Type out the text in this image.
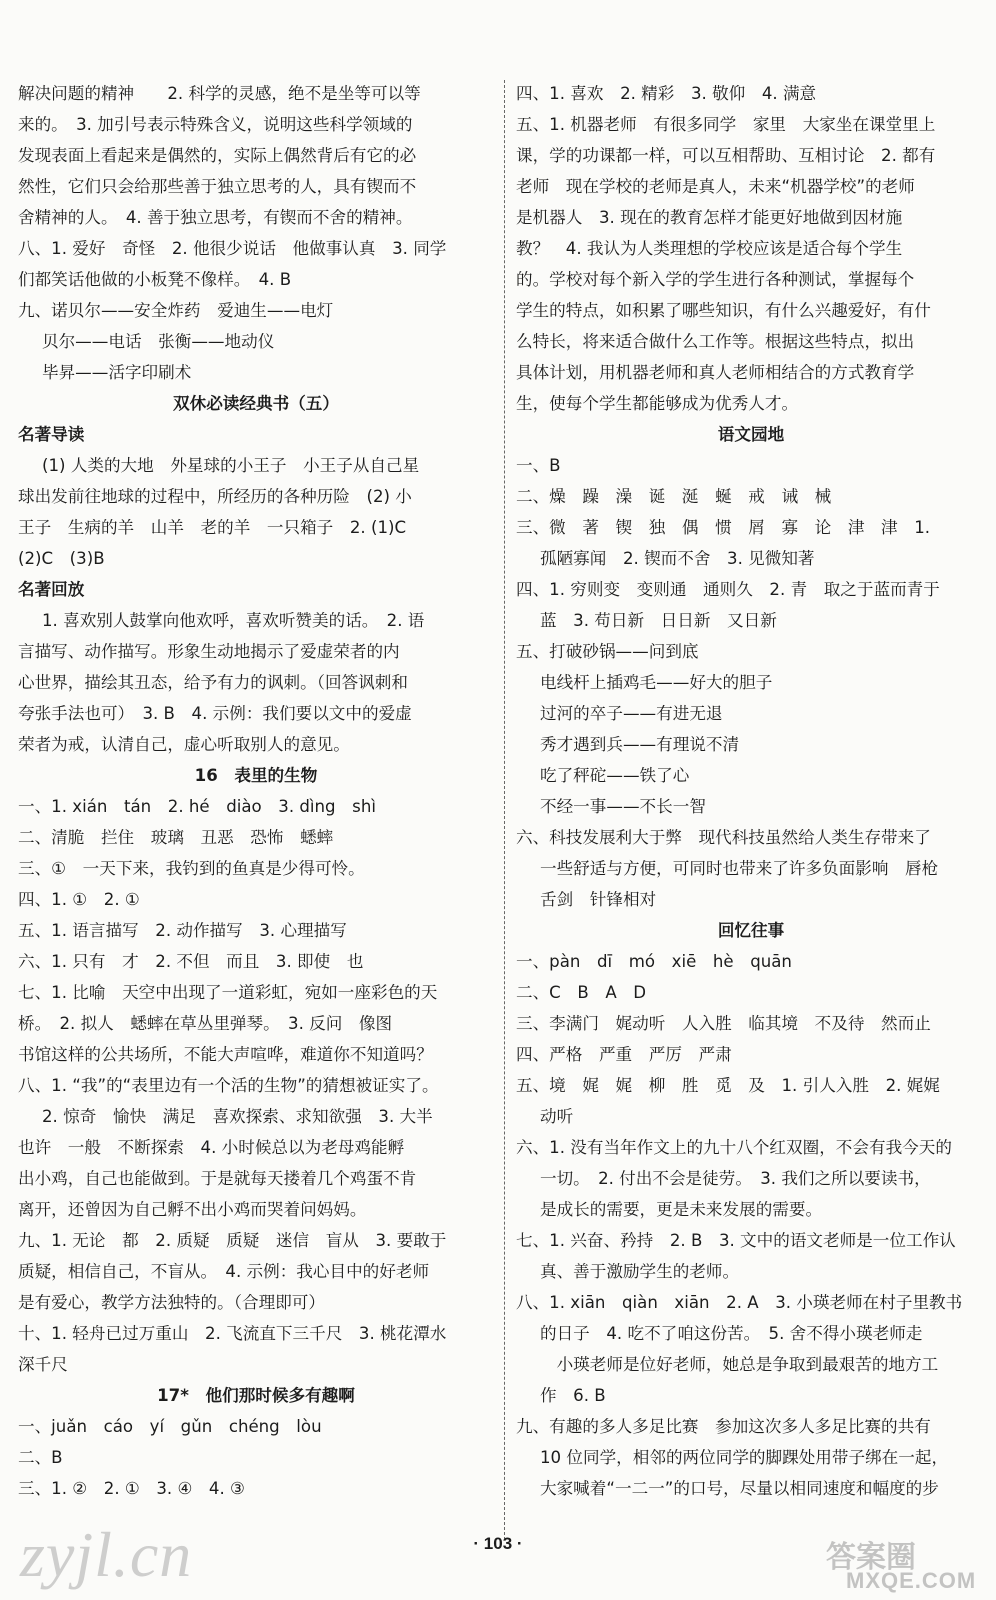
解决问题的精神　　2. 科学的灵感，绝不是坐等可以等
来的。　3. 加引号表示特殊含义，说明这些科学领域的
发现表面上看起来是偶然的，实际上偶然背后有它的必
然性，它们只会给那些善于独立思考的人，具有锲而不
舍精神的人。　4. 善于独立思考，有锲而不舍的精神。
八、1. 爱好　奇怪　2. 他很少说话　他做事认真　3. 同学
们都笑话他做的小板凳不像样。　4. B
九、诺贝尔——安全炸药　爱迪生——电灯
贝尔——电话　张衡——地动仪
毕昇——活字印刷术
双休必读经典书（五）
名著导读
(1) 人类的大地　外星球的小王子　小王子从自己星
球出发前往地球的过程中，所经历的各种历险　(2) 小
王子　生病的羊　山羊　老的羊　一只箱子　2. (1)C
(2)C　(3)B
名著回放
1. 喜欢别人鼓掌向他欢呼，喜欢听赞美的话。　2. 语
言描写、动作描写。形象生动地揭示了爱虚荣者的内
心世界，描绘其丑态，给予有力的讽刺。（回答讽刺和
夸张手法也可）　3. B　4. 示例：我们要以文中的爱虚
荣者为戒，认清自己，虚心听取别人的意见。
16　表里的生物
一、1. xián　tán　2. hé　diào　3. dìng　shì
二、清脆　拦住　玻璃　丑恶　恐怖　蟋蟀
三、①　一天下来，我钓到的鱼真是少得可怜。
四、1. ①　2. ①
五、1. 语言描写　2. 动作描写　3. 心理描写
六、1. 只有　才　2. 不但　而且　3. 即使　也
七、1. 比喻　天空中出现了一道彩虹，宛如一座彩色的天
桥。　2. 拟人　蟋蟀在草丛里弹琴。　3. 反问　像图
书馆这样的公共场所，不能大声喧哗，难道你不知道吗？
八、1. “我”的“表里边有一个活的生物”的猜想被证实了。
2. 惊奇　愉快　满足　喜欢探索、求知欲强　3. 大半
也许　一般　不断探索　4. 小时候总以为老母鸡能孵
出小鸡，自己也能做到。于是就每天搂着几个鸡蛋不肯
离开，还曾因为自己孵不出小鸡而哭着问妈妈。
九、1. 无论　都　2. 质疑　质疑　迷信　盲从　3. 要敢于
质疑，相信自己，不盲从。　4. 示例：我心目中的好老师
是有爱心，教学方法独特的。（合理即可）
十、1. 轻舟已过万重山　2. 飞流直下三千尺　3. 桃花潭水
深千尺
17*　他们那时候多有趣啊
一、juǎn　cáo　yí　gǔn　chéng　lòu
二、B
三、1. ②　2. ①　3. ④　4. ③
四、1. 喜欢　2. 精彩　3. 敬仰　4. 满意
五、1. 机器老师　有很多同学　家里　大家坐在课堂里上
课，学的功课都一样，可以互相帮助、互相讨论　2. 都有
老师　现在学校的老师是真人，未来“机器学校”的老师
是机器人　3. 现在的教育怎样才能更好地做到因材施
教？　4. 我认为人类理想的学校应该是适合每个学生
的。学校对每个新入学的学生进行各种测试，掌握每个
学生的特点，如积累了哪些知识，有什么兴趣爱好，有什
么特长，将来适合做什么工作等。根据这些特点，拟出
具体计划，用机器老师和真人老师相结合的方式教育学
生，使每个学生都能够成为优秀人才。
语文园地
一、B
二、燥　躁　澡　诞　涎　蜒　戒　诫　械
三、微　著　锲　独　偶　惯　屑　寡　论　津　津　1.
孤陋寡闻　2. 锲而不舍　3. 见微知著
四、1. 穷则变　变则通　通则久　2. 青　取之于蓝而青于
蓝　3. 苟日新　日日新　又日新
五、打破砂锅——问到底
电线杆上插鸡毛——好大的胆子
过河的卒子——有进无退
秀才遇到兵——有理说不清
吃了秤砣——铁了心
不经一事——不长一智
六、科技发展利大于弊　现代科技虽然给人类生存带来了
一些舒适与方便，可同时也带来了许多负面影响　唇枪
舌剑　针锋相对
回忆往事
一、pàn　dī　mó　xiē　hè　quān
二、C　B　A　D
三、李满门　娓动听　人入胜　临其境　不及待　然而止
四、严格　严重　严厉　严肃
五、境　娓　娓　柳　胜　觅　及　1. 引人入胜　2. 娓娓
动听
六、1. 没有当年作文上的九十八个红双圈，不会有我今天的
一切。　2. 付出不会是徒劳。　3. 我们之所以要读书，
是成长的需要，更是未来发展的需要。
七、1. 兴奋、矜持　2. B　3. 文中的语文老师是一位工作认
真、善于激励学生的老师。
八、1. xiān　qiàn　xiān　2. A　3. 小瑛老师在村子里教书
的日子　4. 吃不了咱这份苦。　5. 舍不得小瑛老师走
　小瑛老师是位好老师，她总是争取到最艰苦的地方工
作　6. B
九、有趣的多人多足比赛　参加这次多人多足比赛的共有
10 位同学，相邻的两位同学的脚踝处用带子绑在一起，
大家喊着“一二一”的口号，尽量以相同速度和幅度的步
· 103 ·
zyjl.cn	答案圈
MXQE.COM
